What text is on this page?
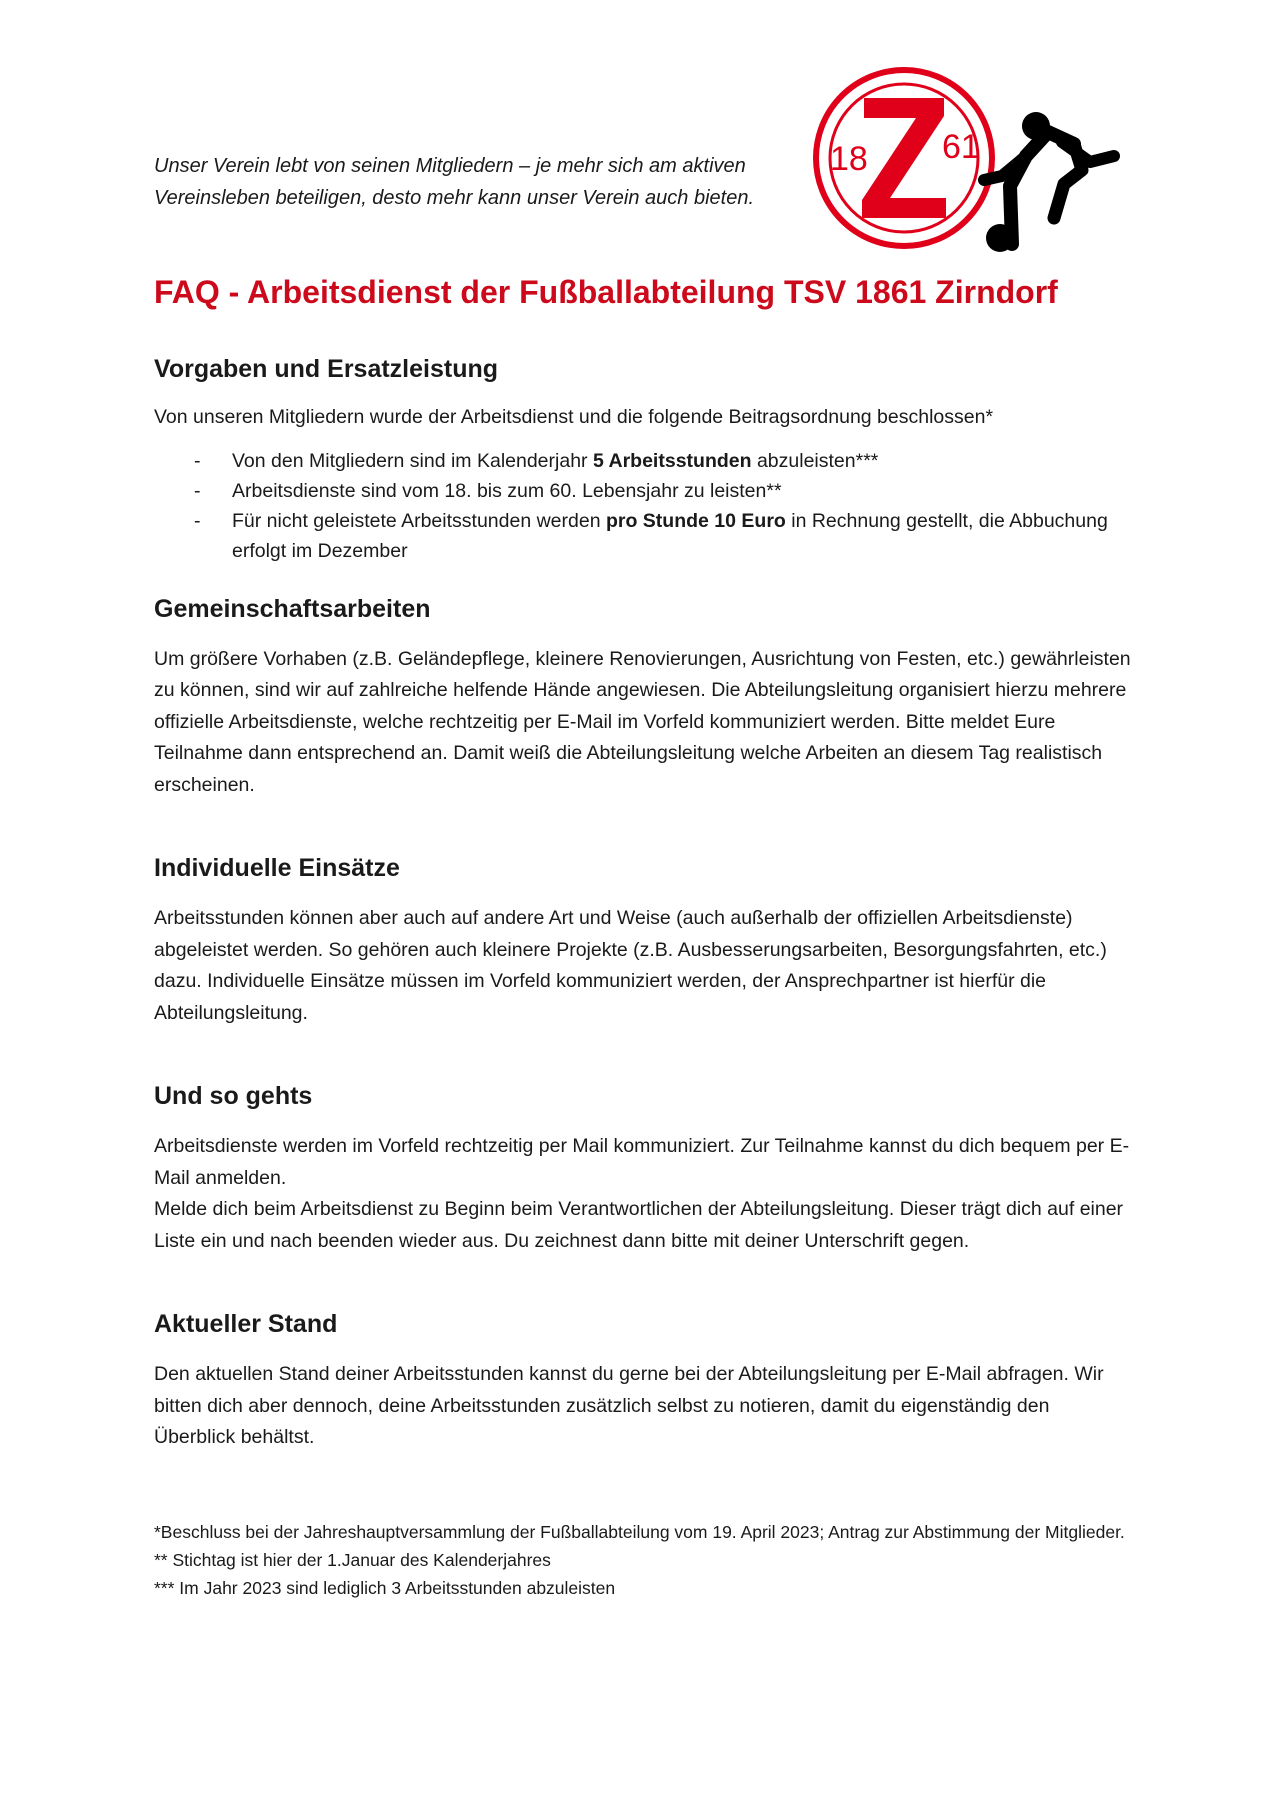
Unser Verein lebt von seinen Mitgliedern – je mehr sich am aktiven
Vereinsleben beteiligen, desto mehr kann unser Verein auch bieten.
18 61
FAQ - Arbeitsdienst der Fußballabteilung TSV 1861 Zirndorf
Vorgaben und Ersatzleistung

Von unseren Mitgliedern wurde der Arbeitsdienst und die folgende Beitragsordnung beschlossen*

- Von den Mitgliedern sind im Kalenderjahr 5 Arbeitsstunden abzuleisten***
- Arbeitsdienste sind vom 18. bis zum 60. Lebensjahr zu leisten**
- Für nicht geleistete Arbeitsstunden werden pro Stunde 10 Euro in Rechnung gestellt, die Abbuchung erfolgt im Dezember
Gemeinschaftsarbeiten

Um größere Vorhaben (z.B. Geländepflege, kleinere Renovierungen, Ausrichtung von Festen, etc.) gewährleisten zu können, sind wir auf zahlreiche helfende Hände angewiesen. Die Abteilungsleitung organisiert hierzu mehrere offizielle Arbeitsdienste, welche rechtzeitig per E-Mail im Vorfeld kommuniziert werden. Bitte meldet Eure Teilnahme dann entsprechend an. Damit weiß die Abteilungsleitung welche Arbeiten an diesem Tag realistisch erscheinen.

Individuelle Einsätze

Arbeitsstunden können aber auch auf andere Art und Weise (auch außerhalb der offiziellen Arbeitsdienste) abgeleistet werden. So gehören auch kleinere Projekte (z.B. Ausbesserungsarbeiten, Besorgungsfahrten, etc.) dazu. Individuelle Einsätze müssen im Vorfeld kommuniziert werden, der Ansprechpartner ist hierfür die Abteilungsleitung.

Und so gehts

Arbeitsdienste werden im Vorfeld rechtzeitig per Mail kommuniziert. Zur Teilnahme kannst du dich bequem per E-Mail anmelden.

Melde dich beim Arbeitsdienst zu Beginn beim Verantwortlichen der Abteilungsleitung. Dieser trägt dich auf einer Liste ein und nach beenden wieder aus. Du zeichnest dann bitte mit deiner Unterschrift gegen.

Aktueller Stand

Den aktuellen Stand deiner Arbeitsstunden kannst du gerne bei der Abteilungsleitung per E-Mail abfragen. Wir bitten dich aber dennoch, deine Arbeitsstunden zusätzlich selbst zu notieren, damit du eigenständig den Überblick behältst.

*Beschluss bei der Jahreshauptversammlung der Fußballabteilung vom 19. April 2023; Antrag zur Abstimmung der Mitglieder.

** Stichtag ist hier der 1.Januar des Kalenderjahres

*** Im Jahr 2023 sind lediglich 3 Arbeitsstunden abzuleisten
